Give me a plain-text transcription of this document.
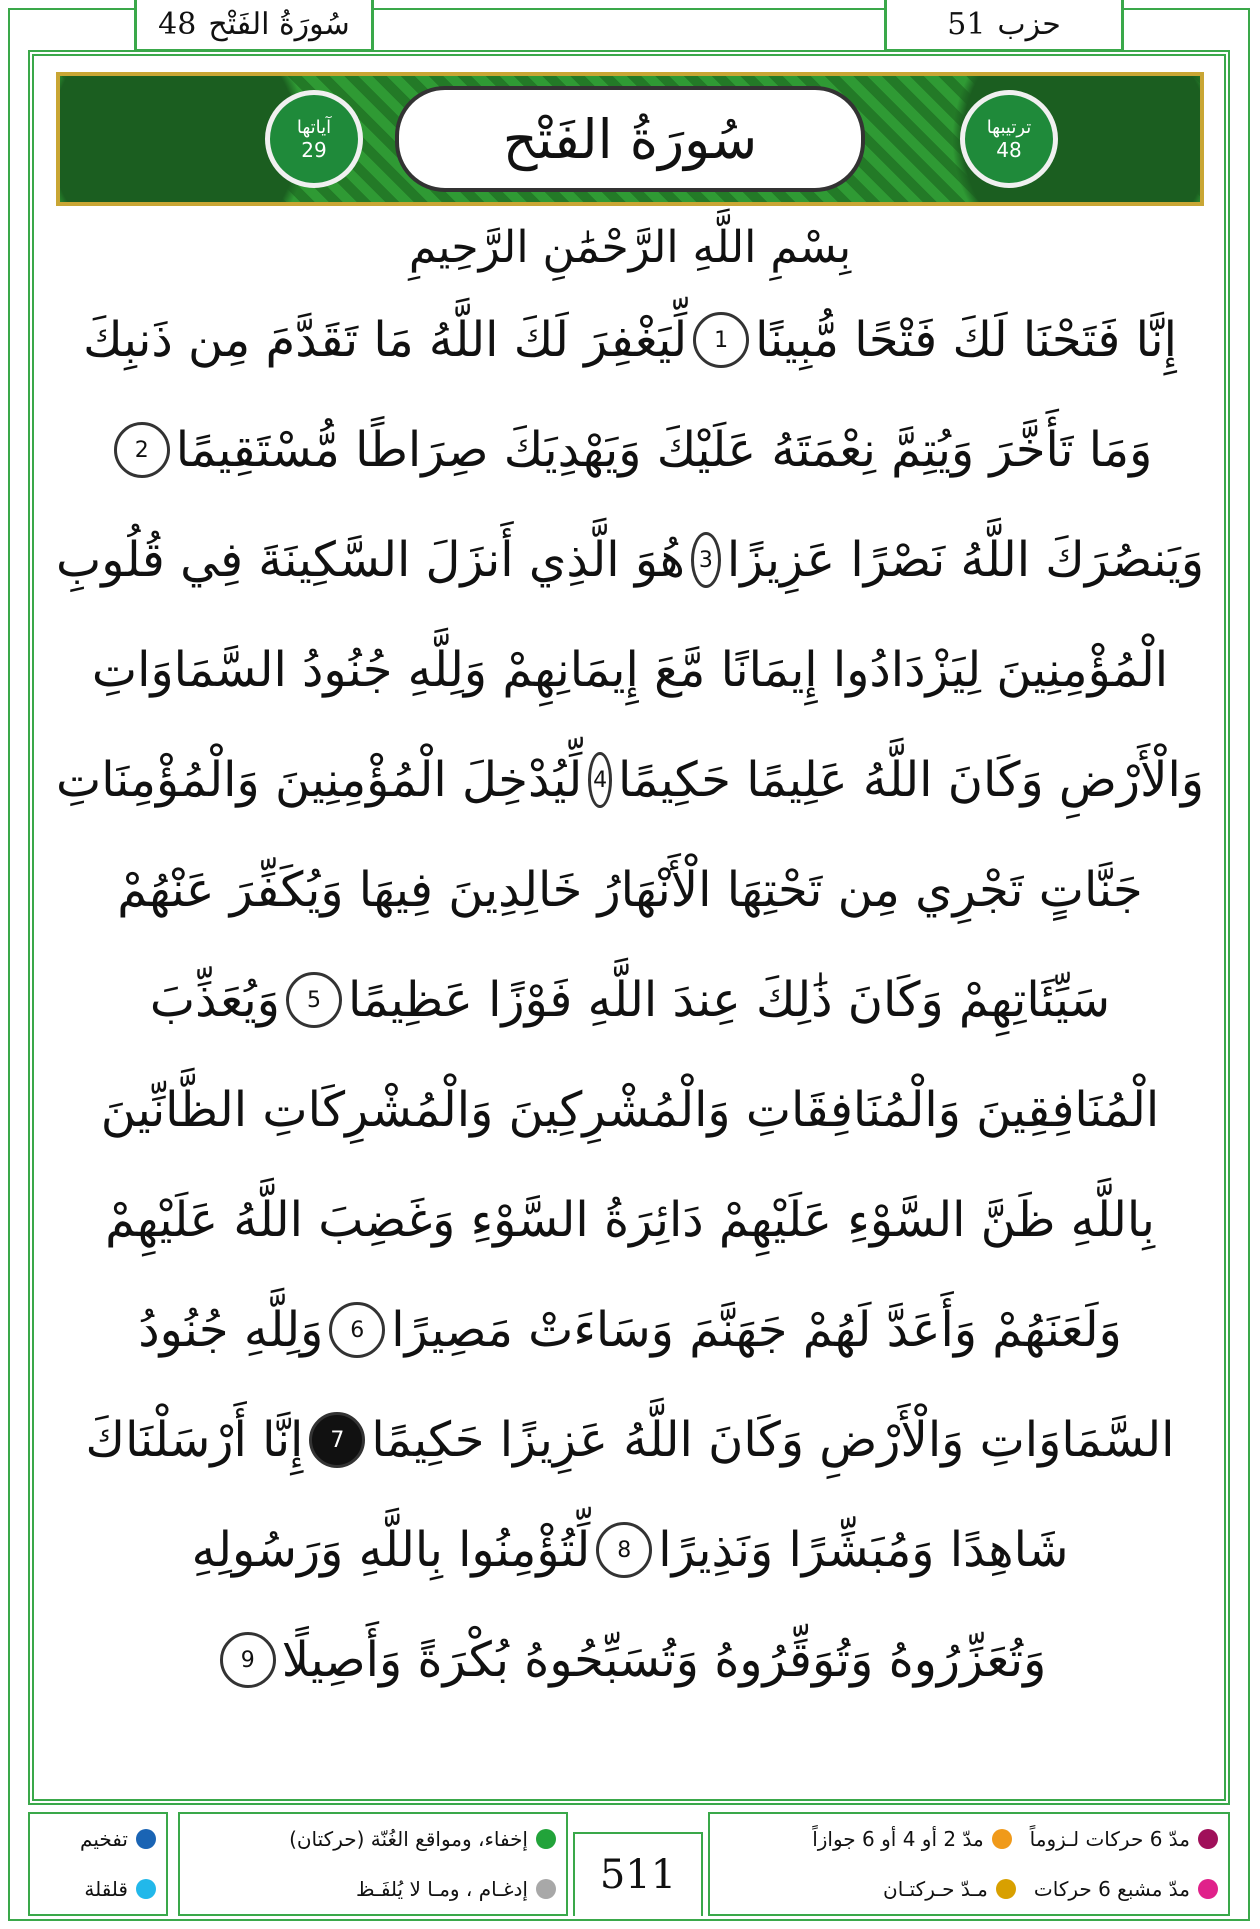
48 سُورَةُ الفَتْح	51 حزب
آياتها
29	سُورَةُ الفَتْح	ترتيبها
48
بِسْمِ اللَّهِ الرَّحْمَٰنِ الرَّحِيمِ
إِنَّا فَتَحْنَا لَكَ فَتْحًا مُّبِينًا
1
لِّيَغْفِرَ لَكَ اللَّهُ مَا تَقَدَّمَ مِن ذَنبِكَ
وَمَا تَأَخَّرَ وَيُتِمَّ نِعْمَتَهُ عَلَيْكَ وَيَهْدِيَكَ صِرَاطًا مُّسْتَقِيمًا
2
وَيَنصُرَكَ اللَّهُ نَصْرًا عَزِيزًا
3
هُوَ الَّذِي أَنزَلَ السَّكِينَةَ فِي قُلُوبِ
الْمُؤْمِنِينَ لِيَزْدَادُوا إِيمَانًا مَّعَ إِيمَانِهِمْ وَلِلَّهِ جُنُودُ السَّمَاوَاتِ
وَالْأَرْضِ وَكَانَ اللَّهُ عَلِيمًا حَكِيمًا
4
لِّيُدْخِلَ الْمُؤْمِنِينَ وَالْمُؤْمِنَاتِ
جَنَّاتٍ تَجْرِي مِن تَحْتِهَا الْأَنْهَارُ خَالِدِينَ فِيهَا وَيُكَفِّرَ عَنْهُمْ
سَيِّئَاتِهِمْ وَكَانَ ذَٰلِكَ عِندَ اللَّهِ فَوْزًا عَظِيمًا
5
وَيُعَذِّبَ
الْمُنَافِقِينَ وَالْمُنَافِقَاتِ وَالْمُشْرِكِينَ وَالْمُشْرِكَاتِ الظَّانِّينَ
بِاللَّهِ ظَنَّ السَّوْءِ عَلَيْهِمْ دَائِرَةُ السَّوْءِ وَغَضِبَ اللَّهُ عَلَيْهِمْ
وَلَعَنَهُمْ وَأَعَدَّ لَهُمْ جَهَنَّمَ وَسَاءَتْ مَصِيرًا
6
وَلِلَّهِ جُنُودُ
السَّمَاوَاتِ وَالْأَرْضِ وَكَانَ اللَّهُ عَزِيزًا حَكِيمًا
7
إِنَّا أَرْسَلْنَاكَ
شَاهِدًا وَمُبَشِّرًا وَنَذِيرًا
8
لِّتُؤْمِنُوا بِاللَّهِ وَرَسُولِهِ
وَتُعَزِّرُوهُ وَتُوَقِّرُوهُ وَتُسَبِّحُوهُ بُكْرَةً وَأَصِيلًا
9
مدّ 6 حركات لـزوماً
مدّ 2 أو 4 أو 6 جوازاً
مدّ مشبع 6 حركات
مـدّ حـركتـان
511
إخفاء، ومواقع الغُنّة (حركتان)
إدغـام ، ومـا لا يُلفَـظ
تفخيم
قلقلة
